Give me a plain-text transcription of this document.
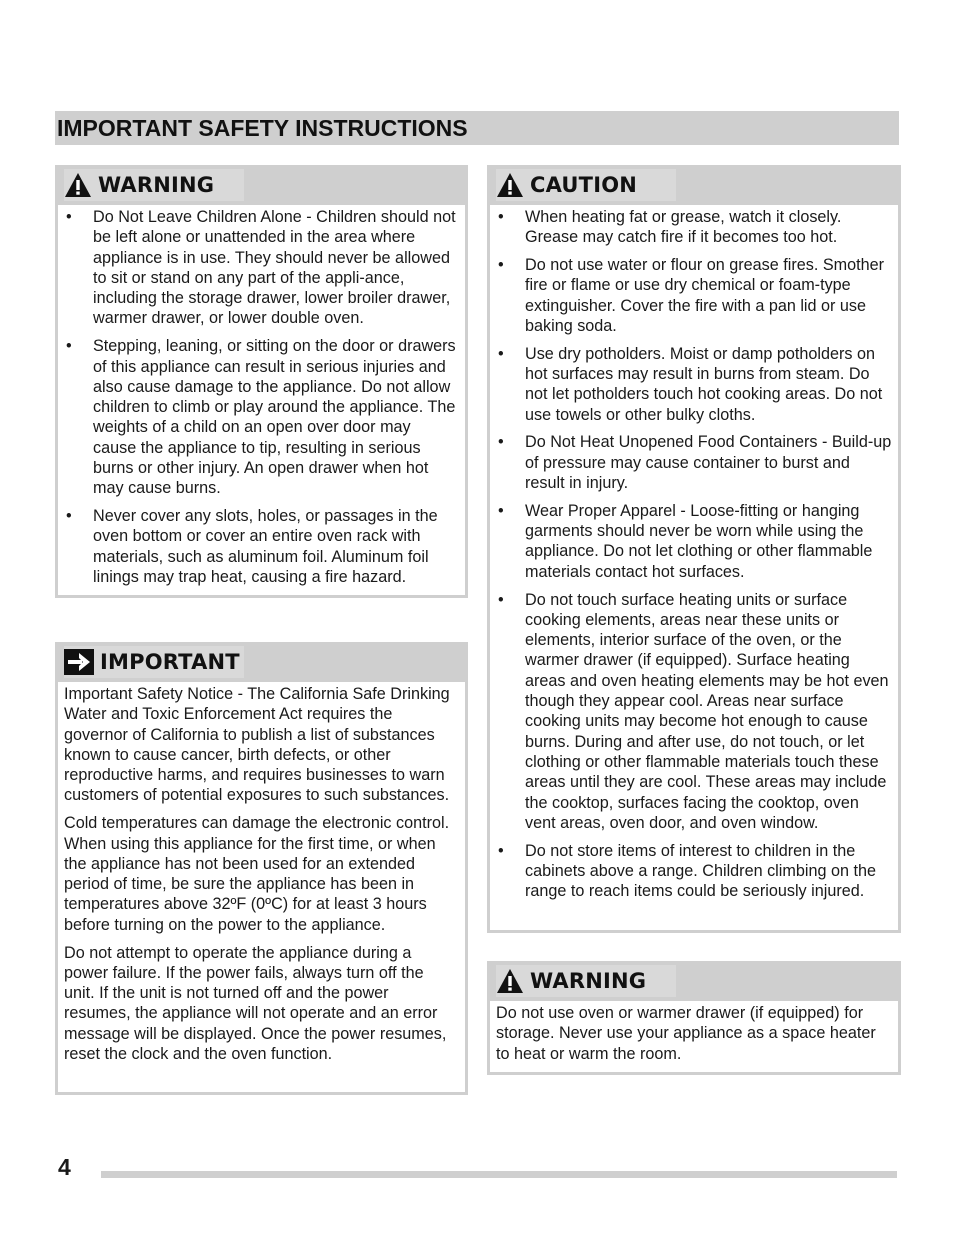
IMPORTANT SAFETY INSTRUCTIONS
WARNING
• Do Not Leave Children Alone - Children should not be left alone or unattended in the area where appliance is in use. They should never be allowed to sit or stand on any part of the appli-ance, including the storage drawer, lower broiler drawer, warmer drawer, or lower double oven.
• Stepping, leaning, or sitting on the door or drawers of this appliance can result in serious injuries and also cause damage to the appliance. Do not allow children to climb or play around the appliance. The weights of a child on an open over door may cause the appliance to tip, resulting in serious burns or other injury. An open drawer when hot may cause burns.
• Never cover any slots, holes, or passages in the oven bottom or cover an entire oven rack with materials, such as aluminum foil. Aluminum foil linings may trap heat, causing a fire hazard.
IMPORTANT

Important Safety Notice - The California Safe Drinking Water and Toxic Enforcement Act requires the governor of California to publish a list of substances known to cause cancer, birth defects, or other reproductive harms, and requires businesses to warn customers of potential exposures to such substances.

Cold temperatures can damage the electronic control. When using this appliance for the first time, or when the appliance has not been used for an extended period of time, be sure the appliance has been in temperatures above 32ºF (0ºC) for at least 3 hours before turning on the power to the appliance.

Do not attempt to operate the appliance during a power failure. If the power fails, always turn off the unit. If the unit is not turned off and the power resumes, the appliance will not operate and an error message will be displayed. Once the power resumes, reset the clock and the oven function.

CAUTION
• When heating fat or grease, watch it closely. Grease may catch fire if it becomes too hot.
• Do not use water or flour on grease fires. Smother fire or flame or use dry chemical or foam-type extinguisher. Cover the fire with a pan lid or use baking soda.
• Use dry potholders. Moist or damp potholders on hot surfaces may result in burns from steam. Do not let potholders touch hot cooking areas. Do not use towels or other bulky cloths.
• Do Not Heat Unopened Food Containers - Build-up of pressure may cause container to burst and result in injury.
• Wear Proper Apparel - Loose-fitting or hanging garments should never be worn while using the appliance. Do not let clothing or other flammable materials contact hot surfaces.
• Do not touch surface heating units or surface cooking elements, areas near these units or elements, interior surface of the oven, or the warmer drawer (if equipped). Surface heating areas and oven heating elements may be hot even though they appear cool. Areas near surface cooking units may become hot enough to cause burns. During and after use, do not touch, or let clothing or other flammable materials touch these areas until they are cool. These areas may include the cooktop, surfaces facing the cooktop, oven vent areas, oven door, and oven window.
• Do not store items of interest to children in the cabinets above a range. Children climbing on the range to reach items could be seriously injured.
WARNING

Do not use oven or warmer drawer (if equipped) for storage. Never use your appliance as a space heater to heat or warm the room.

4
